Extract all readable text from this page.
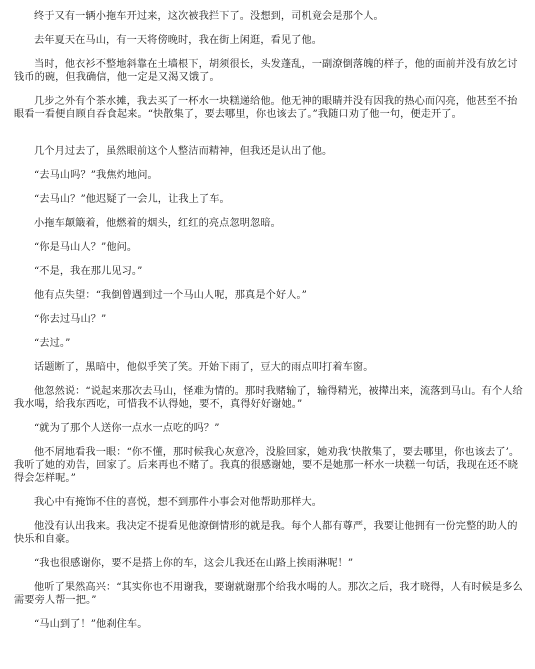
终于又有一辆小拖车开过来，这次被我拦下了。没想到，司机竟会是那个人。

去年夏天在马山，有一天将傍晚时，我在街上闲逛，看见了他。

当时，他衣衫不整地斜靠在土墙根下，胡须很长，头发蓬乱，一副潦倒落魄的样子，他的面前并没有放乞讨钱币的碗，但我确信，他一定是又渴又饿了。

几步之外有个茶水摊，我去买了一杯水一块糕递给他。他无神的眼睛并没有因我的热心而闪亮，他甚至不抬眼看一看便自顾自吞食起来。“快散集了，要去哪里，你也该去了。”我随口劝了他一句，便走开了。

几个月过去了，虽然眼前这个人整洁而精神，但我还是认出了他。

“去马山吗？”我焦灼地问。

“去马山？”他迟疑了一会儿，让我上了车。

小拖车颠簸着，他燃着的烟头，红红的亮点忽明忽暗。

“你是马山人？”他问。

“不是，我在那儿见习。”

他有点失望：“我倒曾遇到过一个马山人呢，那真是个好人。”

“你去过马山？”

“去过。”

话题断了，黑暗中，他似乎笑了笑。开始下雨了，豆大的雨点叩打着车窗。

他忽然说：“说起来那次去马山，怪难为情的。那时我赌输了，输得精光，被撵出来，流落到马山。有个人给我水喝，给我东西吃，可惜我不认得她，要不，真得好好谢她。”

“就为了那个人送你一点水一点吃的吗？”

他不屑地看我一眼：“你不懂，那时候我心灰意冷，没脸回家，她劝我‘快散集了，要去哪里，你也该去了’。我听了她的劝告，回家了。后来再也不赌了。我真的很感谢她，要不是她那一杯水一块糕一句话，我现在还不晓得会怎样呢。”

我心中有掩饰不住的喜悦，想不到那件小事会对他帮助那样大。

他没有认出我来。我决定不提看见他潦倒情形的就是我。每个人都有尊严，我要让他拥有一份完整的助人的快乐和自豪。

“我也很感谢你，要不是搭上你的车，这会儿我还在山路上挨雨淋呢！”

他听了果然高兴：“其实你也不用谢我，要谢就谢那个给我水喝的人。那次之后，我才晓得，人有时候是多么需要旁人帮一把。”

“马山到了！”他刹住车。
